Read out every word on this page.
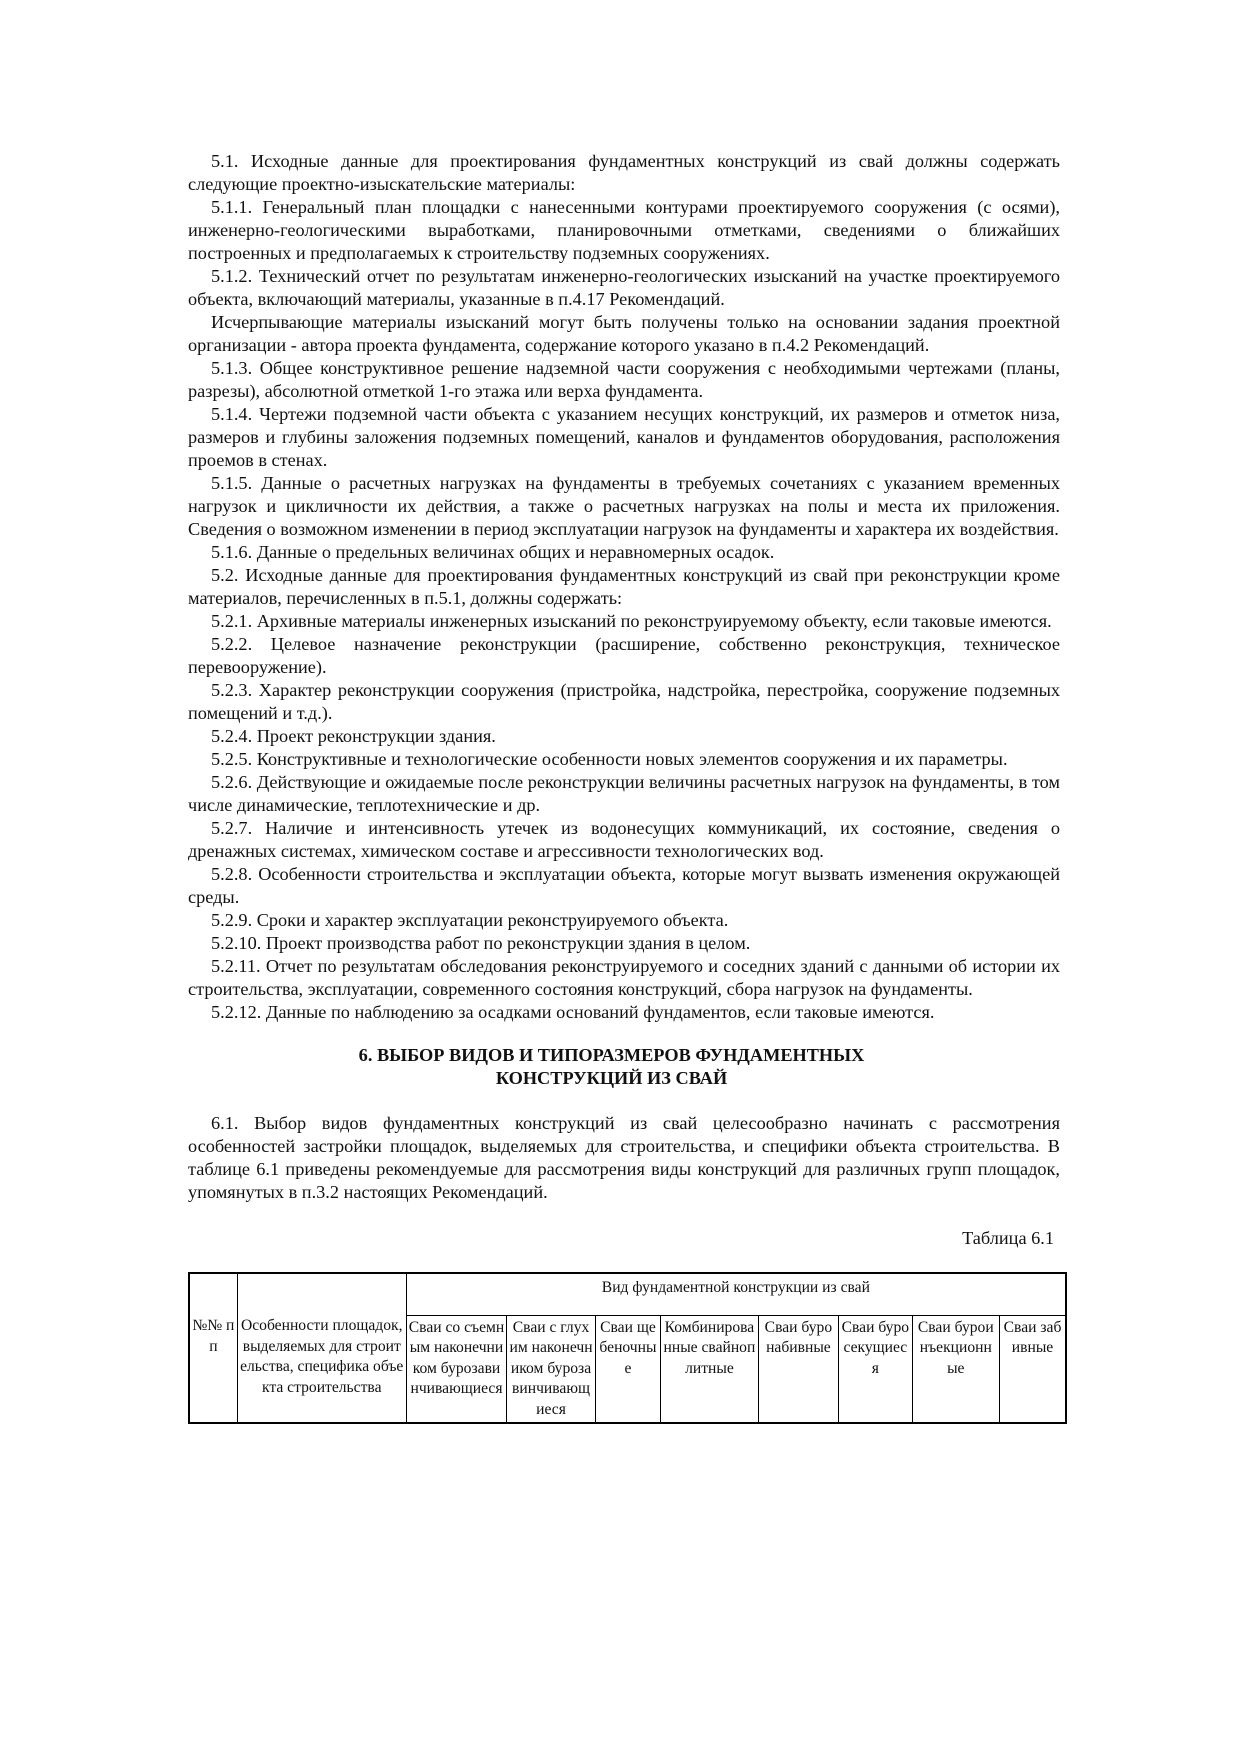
5.1. Исходные данные для проектирования фундаментных конструкций из свай должны содержать следующие проектно-изыскательские материалы:

5.1.1. Генеральный план площадки с нанесенными контурами проектируемого сооружения (с осями), инженерно-геологическими выработками, планировочными отметками, сведениями о ближайших построенных и предполагаемых к строительству подземных сооружениях.

5.1.2. Технический отчет по результатам инженерно-геологических изысканий на участке проектируемого объекта, включающий материалы, указанные в п.4.17 Рекомендаций.

Исчерпывающие материалы изысканий могут быть получены только на основании задания проектной организации - автора проекта фундамента, содержание которого указано в п.4.2 Рекомендаций.

5.1.3. Общее конструктивное решение надземной части сооружения с необходимыми чертежами (планы, разрезы), абсолютной отметкой 1-го этажа или верха фундамента.

5.1.4. Чертежи подземной части объекта с указанием несущих конструкций, их размеров и отметок низа, размеров и глубины заложения подземных помещений, каналов и фундаментов оборудования, расположения проемов в стенах.

5.1.5. Данные о расчетных нагрузках на фундаменты в требуемых сочетаниях с указанием временных нагрузок и цикличности их действия, а также о расчетных нагрузках на полы и места их приложения. Сведения о возможном изменении в период эксплуатации нагрузок на фундаменты и характера их воздействия.

5.1.6. Данные о предельных величинах общих и неравномерных осадок.

5.2. Исходные данные для проектирования фундаментных конструкций из свай при реконструкции кроме материалов, перечисленных в п.5.1, должны содержать:

5.2.1. Архивные материалы инженерных изысканий по реконструируемому объекту, если таковые имеются.

5.2.2. Целевое назначение реконструкции (расширение, собственно реконструкция, техническое перевооружение).

5.2.3. Характер реконструкции сооружения (пристройка, надстройка, перестройка, сооружение подземных помещений и т.д.).

5.2.4. Проект реконструкции здания.

5.2.5. Конструктивные и технологические особенности новых элементов сооружения и их параметры.

5.2.6. Действующие и ожидаемые после реконструкции величины расчетных нагрузок на фундаменты, в том числе динамические, теплотехнические и др.

5.2.7. Наличие и интенсивность утечек из водонесущих коммуникаций, их состояние, сведения о дренажных системах, химическом составе и агрессивности технологических вод.

5.2.8. Особенности строительства и эксплуатации объекта, которые могут вызвать изменения окружающей среды.

5.2.9. Сроки и характер эксплуатации реконструируемого объекта.

5.2.10. Проект производства работ по реконструкции здания в целом.

5.2.11. Отчет по результатам обследования реконструируемого и соседних зданий с данными об истории их строительства, эксплуатации, современного состояния конструкций, сбора нагрузок на фундаменты.

5.2.12. Данные по наблюдению за осадками оснований фундаментов, если таковые имеются.

6. ВЫБОР ВИДОВ И ТИПОРАЗМЕРОВ ФУНДАМЕНТНЫХ
КОНСТРУКЦИЙ ИЗ СВАЙ

6.1. Выбор видов фундаментных конструкций из свай целесообразно начинать с рассмотрения особенностей застройки площадок, выделяемых для строительства, и специфики объекта строительства. В таблице 6.1 приведены рекомендуемые для рассмотрения виды конструкций для различных групп площадок, упомянутых в п.3.2 настоящих Рекомендаций.

Таблица 6.1
№№ пп	Особенности площадок, выделяемых для строительства, специфика объекта строительства	Вид фундаментной конструкции из свай							
		Сваи со съемным наконечником бурозавинчивающиеся	Сваи с глухим наконечником бурозавинчивающиеся	Сваи щебеночные	Комбинированные свайноплитные	Сваи буронабивные	Сваи буросекущиеся	Сваи буроинъекционные	Сваи забивные
